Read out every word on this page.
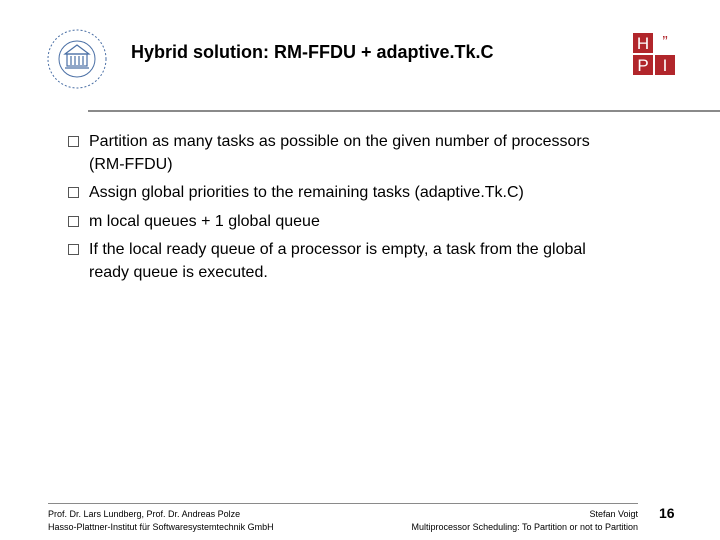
Hybrid solution: RM-FFDU + adaptive.Tk.C	H ”
P I
Partition as many tasks as possible on the given number of processors
(RM-FFDU)
Assign global priorities to the remaining tasks (adaptive.Tk.C)
m local queues + 1 global queue
If the local ready queue of a processor is empty, a task from the global
ready queue is executed.
Prof. Dr. Lars Lundberg, Prof. Dr. Andreas Polze
Hasso-Plattner-Institut für Softwaresystemtechnik GmbH
Stefan Voigt
Multiprocessor Scheduling: To Partition or not to Partition
16
